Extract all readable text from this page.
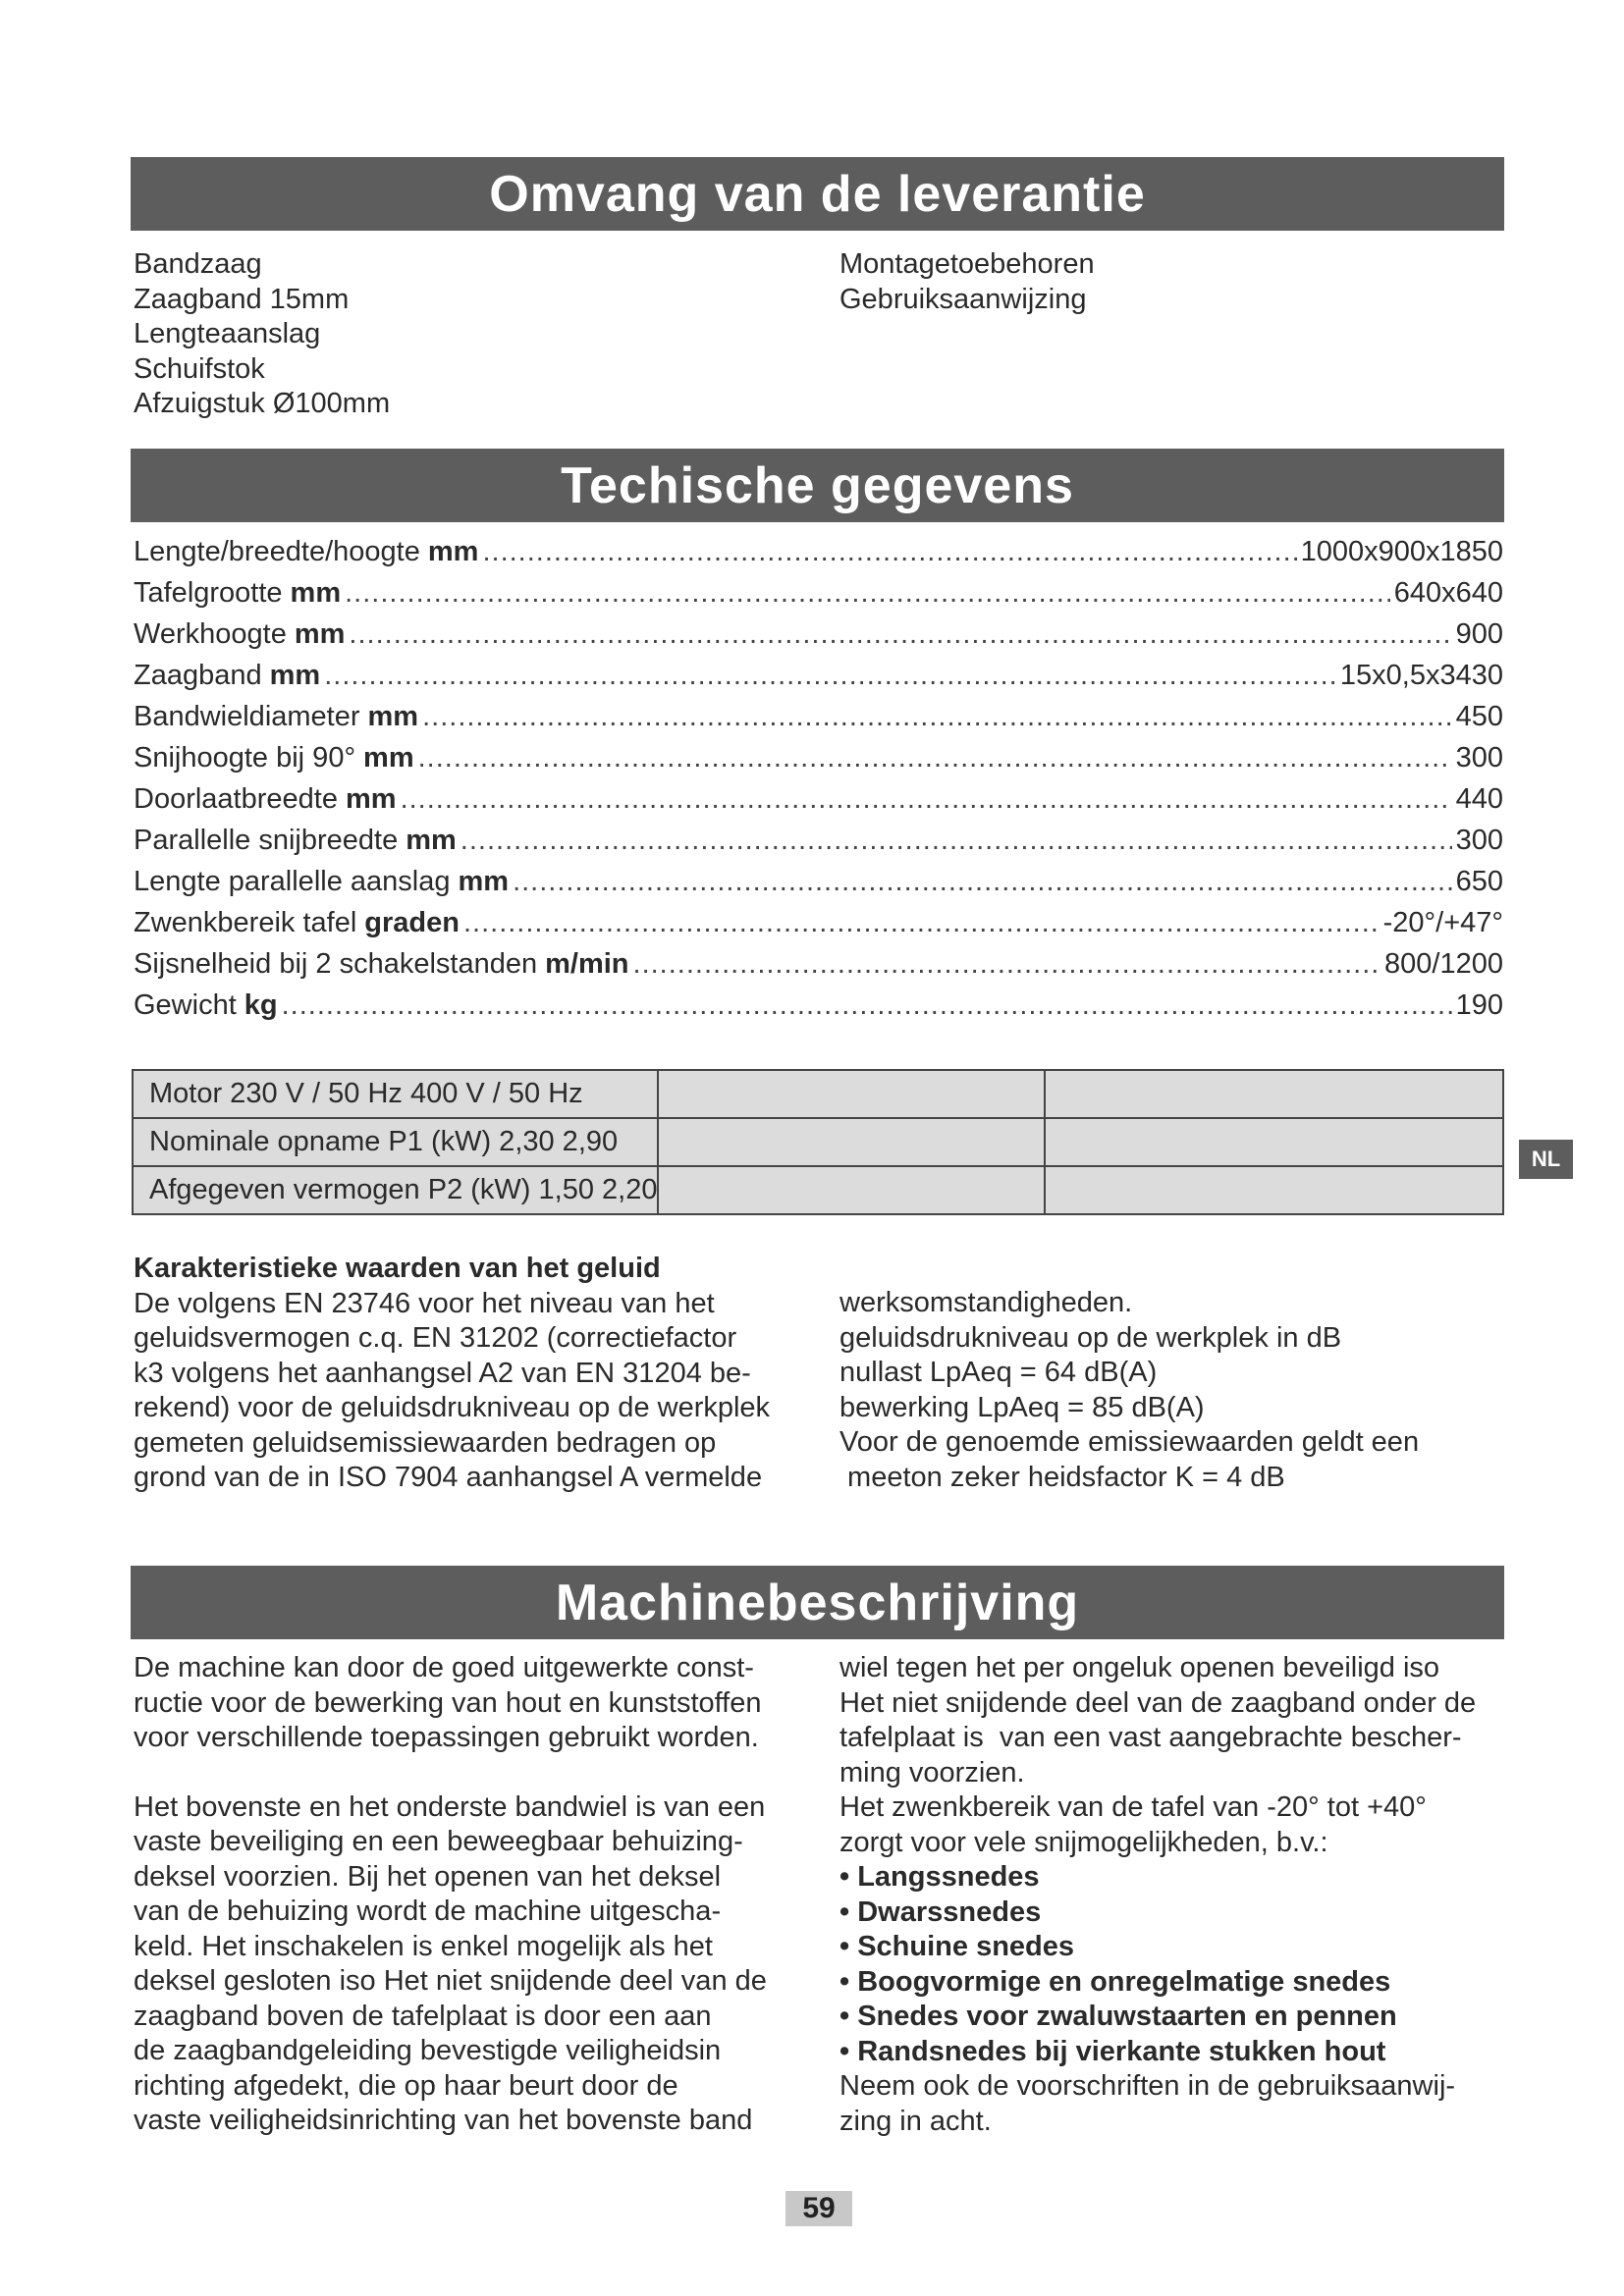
Omvang van de leverantie
Bandzaag
Zaagband 15mm
Lengteaanslag
Schuifstok
Afzuigstuk Ø100mm
Montagetoebehoren
Gebruiksaanwijzing
Techische gegevens
Lengte/breedte/hoogte mm .....	1000x900x1850
Tafelgrootte mm .....	640x640
Werkhoogte mm .....	900
Zaagband mm .....	15x0,5x3430
Bandwieldiameter mm .....	450
Snijhoogte bij 90° mm .....	300
Doorlaatbreedte mm .....	440
Parallelle snijbreedte mm .....	300
Lengte parallelle aanslag mm .....	650
Zwenkbereik tafel graden .....	-20°/+47°
Sijsnelheid bij 2 schakelstanden m/min .....	800/1200
Gewicht kg .....	190
Motor 230 V / 50 Hz 400 V / 50 Hz		
Nominale opname P1 (kW) 2,30 2,90		
Afgegeven vermogen P2 (kW) 1,50 2,20		
NL
Karakteristieke waarden van het geluid
De volgens EN 23746 voor het niveau van het
geluidsvermogen c.q. EN 31202 (correctiefactor
k3 volgens het aanhangsel A2 van EN 31204 be-
rekend) voor de geluidsdrukniveau op de werkplek
gemeten geluidsemissiewaarden bedragen op
grond van de in ISO 7904 aanhangsel A vermelde
werksomstandigheden.
geluidsdrukniveau op de werkplek in dB
nullast LpAeq = 64 dB(A)
bewerking LpAeq = 85 dB(A)
Voor de genoemde emissiewaarden geldt een
meeton zeker heidsfactor K = 4 dB
Machinebeschrijving
De machine kan door de goed uitgewerkte const-
ructie voor de bewerking van hout en kunststoffen
voor verschillende toepassingen gebruikt worden.
Het bovenste en het onderste bandwiel is van een
vaste beveiliging en een beweegbaar behuizing-
deksel voorzien. Bij het openen van het deksel
van de behuizing wordt de machine uitgescha-
keld. Het inschakelen is enkel mogelijk als het
deksel gesloten iso Het niet snijdende deel van de
zaagband boven de tafelplaat is door een aan
de zaagbandgeleiding bevestigde veiligheidsin
richting afgedekt, die op haar beurt door de
vaste veiligheidsinrichting van het bovenste band
wiel tegen het per ongeluk openen beveiligd iso
Het niet snijdende deel van de zaagband onder de
tafelplaat is  van een vast aangebrachte bescher-
ming voorzien.
Het zwenkbereik van de tafel van -20° tot +40°
zorgt voor vele snijmogelijkheden, b.v.:
• Langssnedes
• Dwarssnedes
• Schuine snedes
• Boogvormige en onregelmatige snedes
• Snedes voor zwaluwstaarten en pennen
• Randsnedes bij vierkante stukken hout
Neem ook de voorschriften in de gebruiksaanwij-
zing in acht.
59
